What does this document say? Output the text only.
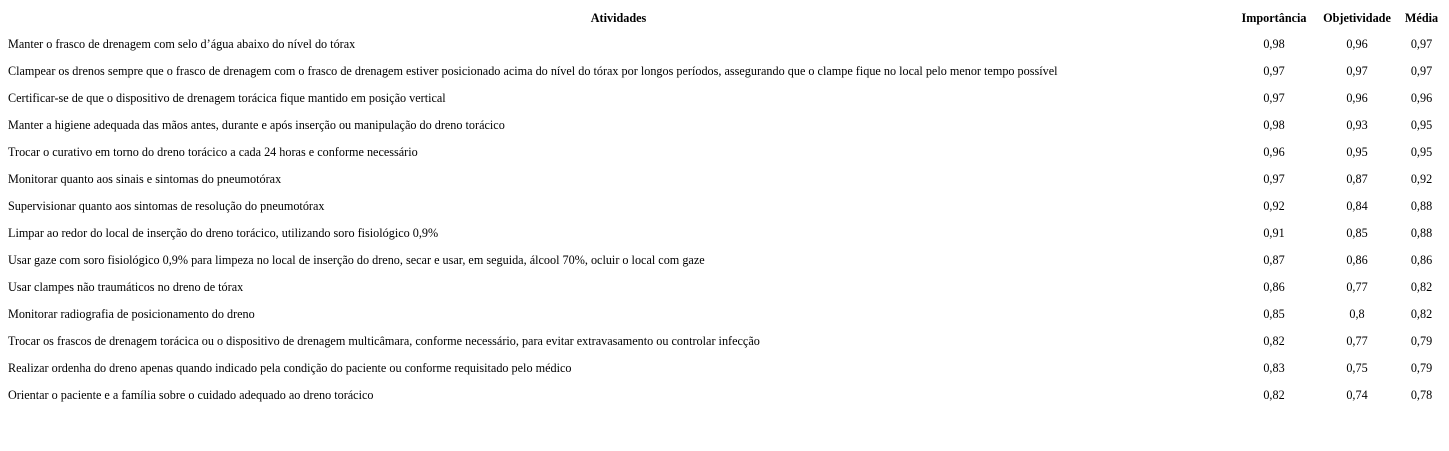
Atividades	Importância	Objetividade	Média
Manter o frasco de drenagem com selo d’água abaixo do nível do tórax	0,98	0,96	0,97
Clampear os drenos sempre que o frasco de drenagem com o frasco de drenagem estiver posicionado acima do nível do tórax por longos períodos, assegurando que o clampe fique no local pelo menor tempo possível	0,97	0,97	0,97
Certificar-se de que o dispositivo de drenagem torácica fique mantido em posição vertical	0,97	0,96	0,96
Manter a higiene adequada das mãos antes, durante e após inserção ou manipulação do dreno torácico	0,98	0,93	0,95
Trocar o curativo em torno do dreno torácico a cada 24 horas e conforme necessário	0,96	0,95	0,95
Monitorar quanto aos sinais e sintomas do pneumotórax	0,97	0,87	0,92
Supervisionar quanto aos sintomas de resolução do pneumotórax	0,92	0,84	0,88
Limpar ao redor do local de inserção do dreno torácico, utilizando soro fisiológico 0,9%	0,91	0,85	0,88
Usar gaze com soro fisiológico 0,9% para limpeza no local de inserção do dreno, secar e usar, em seguida, álcool 70%, ocluir o local com gaze	0,87	0,86	0,86
Usar clampes não traumáticos no dreno de tórax	0,86	0,77	0,82
Monitorar radiografia de posicionamento do dreno	0,85	0,8	0,82
Trocar os frascos de drenagem torácica ou o dispositivo de drenagem multicâmara, conforme necessário, para evitar extravasamento ou controlar infecção	0,82	0,77	0,79
Realizar ordenha do dreno apenas quando indicado pela condição do paciente ou conforme requisitado pelo médico	0,83	0,75	0,79
Orientar o paciente e a família sobre o cuidado adequado ao dreno torácico	0,82	0,74	0,78
